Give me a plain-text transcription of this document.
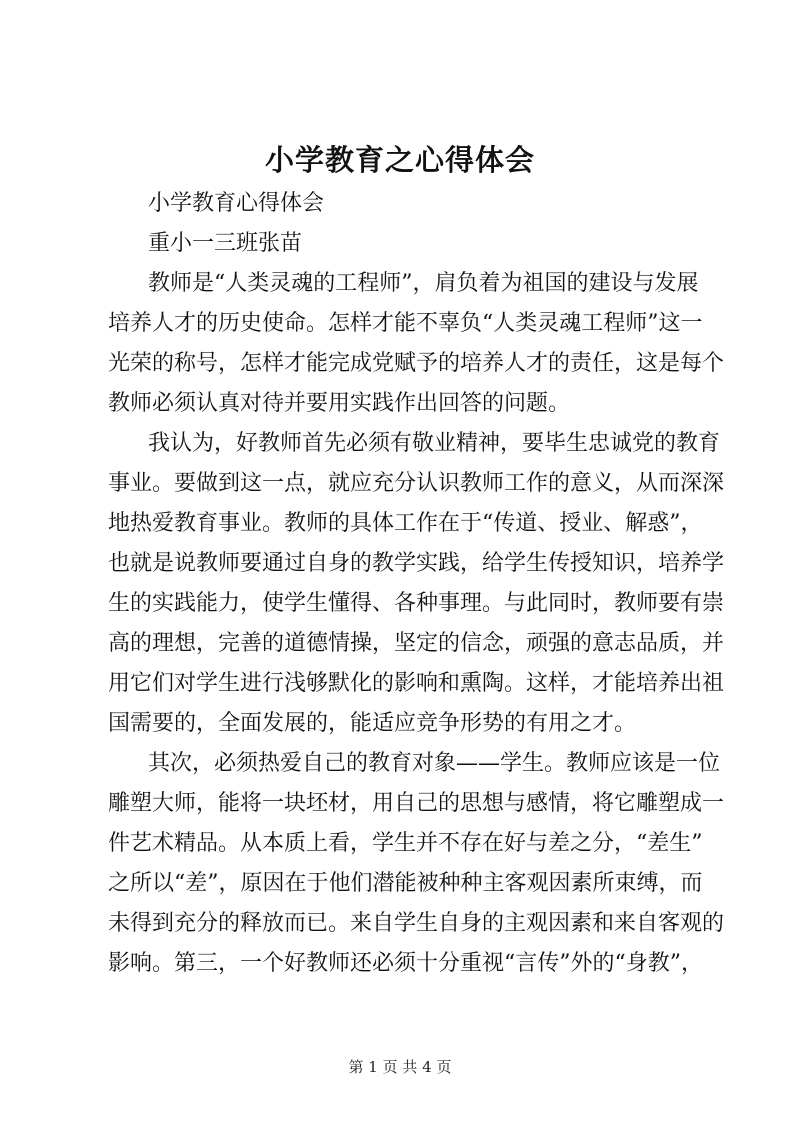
小学教育之心得体会
小学教育心得体会
重小一三班张苗
教师是“人类灵魂的工程师”，肩负着为祖国的建设与发展
培养人才的历史使命。怎样才能不辜负“人类灵魂工程师”这一
光荣的称号，怎样才能完成党赋予的培养人才的责任，这是每个
教师必须认真对待并要用实践作出回答的问题。
我认为，好教师首先必须有敬业精神，要毕生忠诚党的教育
事业。要做到这一点，就应充分认识教师工作的意义，从而深深
地热爱教育事业。教师的具体工作在于“传道、授业、解惑”，
也就是说教师要通过自身的教学实践，给学生传授知识，培养学
生的实践能力，使学生懂得、各种事理。与此同时，教师要有崇
高的理想，完善的道德情操，坚定的信念，顽强的意志品质，并
用它们对学生进行浅够默化的影响和熏陶。这样，才能培养出祖
国需要的，全面发展的，能适应竞争形势的有用之才。
其次，必须热爱自己的教育对象——学生。教师应该是一位
雕塑大师，能将一块坯材，用自己的思想与感情，将它雕塑成一
件艺术精品。从本质上看，学生并不存在好与差之分，“差生”
之所以“差”，原因在于他们潜能被种种主客观因素所束缚，而
未得到充分的释放而已。来自学生自身的主观因素和来自客观的
影响。第三，一个好教师还必须十分重视“言传”外的“身教”，
第 1 页 共 4 页
